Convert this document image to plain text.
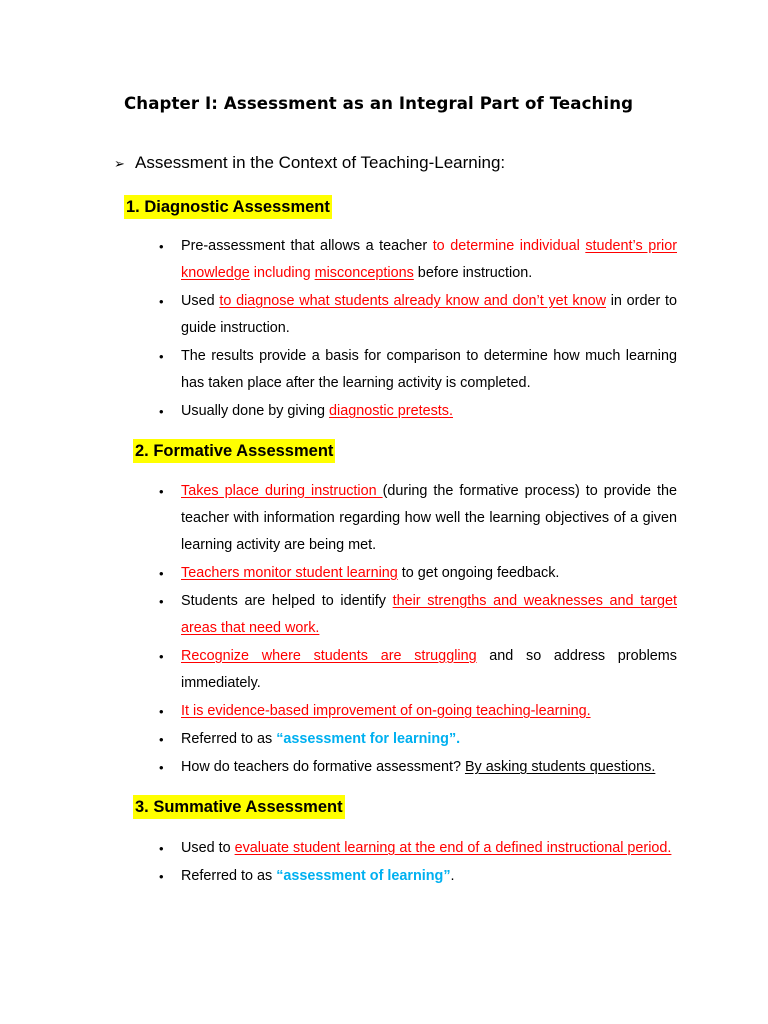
Chapter I: Assessment as an Integral Part of Teaching
➢ Assessment in the Context of Teaching-Learning:
1. Diagnostic Assessment
• Pre-assessment that allows a teacher to determine individual student’s prior knowledge including misconceptions before instruction.
• Used to diagnose what students already know and don’t yet know in order to guide instruction.
• The results provide a basis for comparison to determine how much learning has taken place after the learning activity is completed.
• Usually done by giving diagnostic pretests.
2. Formative Assessment
• Takes place during instruction (during the formative process) to provide the teacher with information regarding how well the learning objectives of a given learning activity are being met.
• Teachers monitor student learning to get ongoing feedback.
• Students are helped to identify their strengths and weaknesses and target areas that need work.
• Recognize where students are struggling and so address problems immediately.
• It is evidence-based improvement of on-going teaching-learning.
• Referred to as “assessment for learning”.
• How do teachers do formative assessment? By asking students questions.
3. Summative Assessment
• Used to evaluate student learning at the end of a defined instructional period.
• Referred to as “assessment of learning”.
